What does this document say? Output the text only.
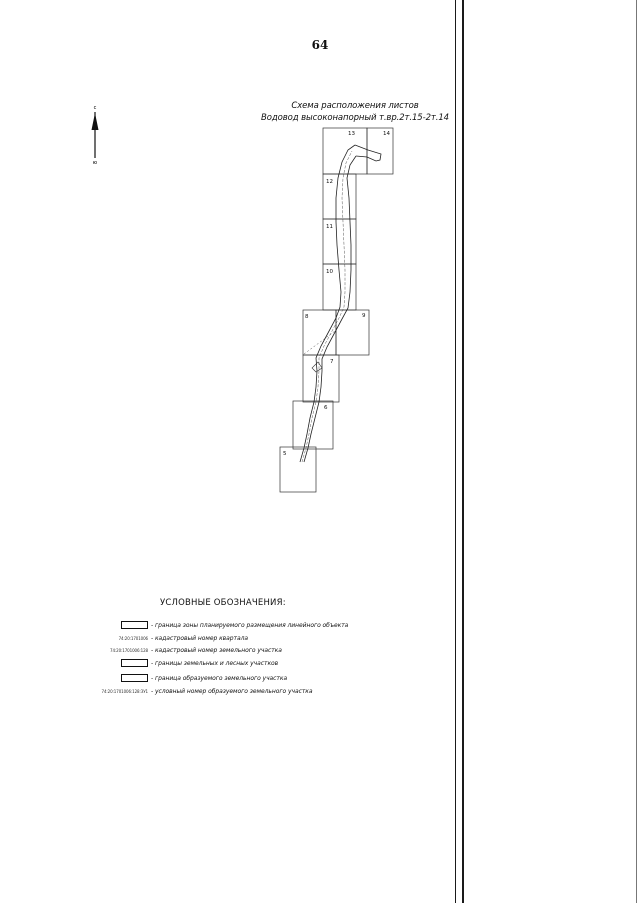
64
Схема расположения листов
Водовод высоконапорный т.вр.2т.15-2т.14
с
ю
5
6
7
8	9
10
11
12
13	14
УСЛОВНЫЕ ОБОЗНАЧЕНИЯ:
- граница зоны планируемого размещения линейного объекта
74:20:1701006 - кадастровый номер квартала
74:20:1701006:128 - кадастровый номер земельного участка
- границы земельных и лесных участков
- граница образуемого земельного участка
74:20:1701006:128:ЗУ1 - условный номер образуемого земельного участка
